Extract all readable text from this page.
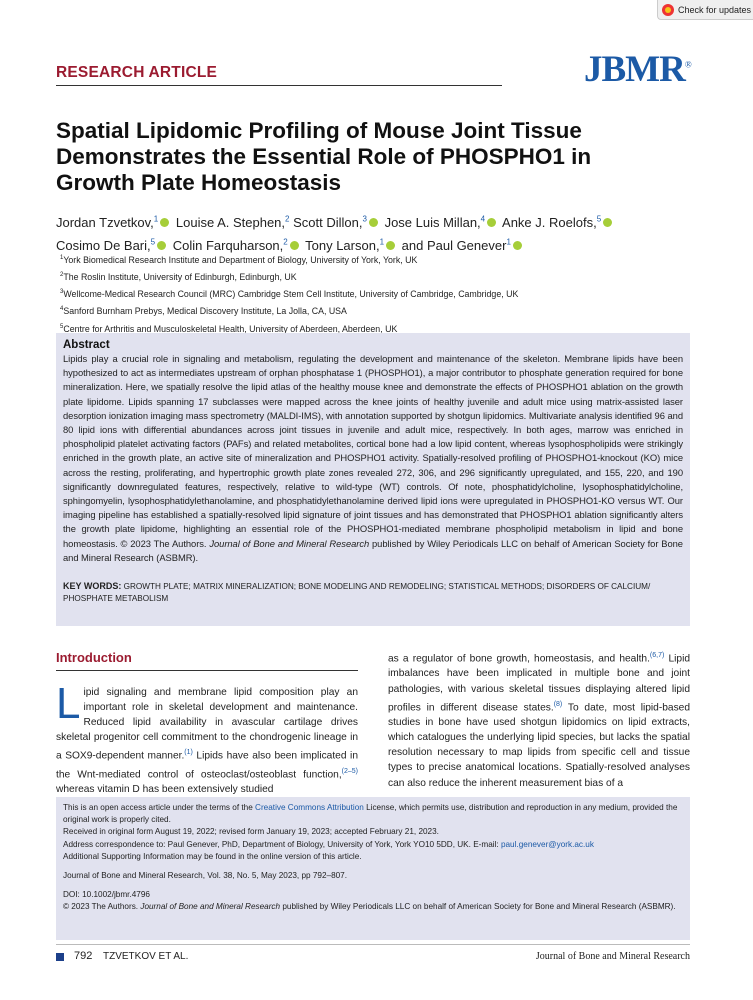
Check for updates
RESEARCH ARTICLE	JBMR®
Spatial Lipidomic Profiling of Mouse Joint Tissue Demonstrates the Essential Role of PHOSPHO1 in Growth Plate Homeostasis
Jordan Tzvetkov,$^1$ Louise A. Stephen,$^2$ Scott Dillon,$^3$ Jose Luis Millan,$^4$ Anke J. Roelofs,$^5$
Cosimo De Bari,$^5$ Colin Farquharson,$^2$ Tony Larson,$^1$ and Paul Genever$^1$
$^1$York Biomedical Research Institute and Department of Biology, University of York, York, UK
$^2$The Roslin Institute, University of Edinburgh, Edinburgh, UK
$^3$Wellcome-Medical Research Council (MRC) Cambridge Stem Cell Institute, University of Cambridge, Cambridge, UK
$^4$Sanford Burnham Prebys, Medical Discovery Institute, La Jolla, CA, USA
$^5$Centre for Arthritis and Musculoskeletal Health, University of Aberdeen, Aberdeen, UK
Abstract

Lipids play a crucial role in signaling and metabolism, regulating the development and maintenance of the skeleton. Membrane lipids have been hypothesized to act as intermediates upstream of orphan phosphatase 1 (PHOSPHO1), a major contributor to phosphate generation required for bone mineralization. Here, we spatially resolve the lipid atlas of the healthy mouse knee and demonstrate the effects of PHOSPHO1 ablation on the growth plate lipidome. Lipids spanning 17 subclasses were mapped across the knee joints of healthy juvenile and adult mice using matrix-assisted laser desorption ionization imaging mass spectrometry (MALDI-IMS), with annotation supported by shotgun lipidomics. Multivariate analysis identified 96 and 80 lipid ions with differential abundances across joint tissues in juvenile and adult mice, respectively. In both ages, marrow was enriched in phospholipid platelet activating factors (PAFs) and related metabolites, cortical bone had a low lipid content, whereas lysophospholipids were strikingly enriched in the growth plate, an active site of mineralization and PHOSPHO1 activity. Spatially-resolved profiling of PHOSPHO1-knockout (KO) mice across the resting, proliferating, and hypertrophic growth plate zones revealed 272, 306, and 296 significantly upregulated, and 155, 220, and 190 significantly downregulated features, respectively, relative to wild-type (WT) controls. Of note, phosphatidylcholine, lysophosphatidylcholine, sphingomyelin, lysophosphatidylethanolamine, and phosphatidylethanolamine derived lipid ions were upregulated in PHOSPHO1-KO versus WT. Our imaging pipeline has established a spatially-resolved lipid signature of joint tissues and has demonstrated that PHOSPHO1 ablation significantly alters the growth plate lipidome, highlighting an essential role of the PHOSPHO1-mediated membrane phospholipid metabolism in lipid and bone homeostasis. © 2023 The Authors. Journal of Bone and Mineral Research published by Wiley Periodicals LLC on behalf of American Society for Bone and Mineral Research (ASBMR).

KEY WORDS: GROWTH PLATE; MATRIX MINERALIZATION; BONE MODELING AND REMODELING; STATISTICAL METHODS; DISORDERS OF CALCIUM/ PHOSPHATE METABOLISM
Introduction

Lipid signaling and membrane lipid composition play an important role in skeletal development and maintenance. Reduced lipid availability in avascular cartilage drives skeletal progenitor cell commitment to the chondrogenic lineage in a SOX9-dependent manner.$^{(1)}$ Lipids have also been implicated in the Wnt-mediated control of osteoclast/osteoblast function,$^{(2-5)}$ whereas vitamin D has been extensively studied

as a regulator of bone growth, homeostasis, and health.$^{(6,7)}$ Lipid imbalances have been implicated in multiple bone and joint pathologies, with various skeletal tissues displaying altered lipid profiles in different disease states.$^{(8)}$ To date, most lipid-based studies in bone have used shotgun lipidomics on lipid extracts, which catalogues the underlying lipid species, but lacks the spatial resolution necessary to map lipids from specific cell and tissue types to precise anatomical locations. Spatially-resolved analyses can also reduce the inherent measurement bias of a

This is an open access article under the terms of the Creative Commons Attribution License, which permits use, distribution and reproduction in any medium, provided the original work is properly cited.
Received in original form August 19, 2022; revised form January 19, 2023; accepted February 21, 2023.
Address correspondence to: Paul Genever, PhD, Department of Biology, University of York, York YO10 5DD, UK. E-mail: paul.genever@york.ac.uk
Additional Supporting Information may be found in the online version of this article.
Journal of Bone and Mineral Research, Vol. 38, No. 5, May 2023, pp 792–807.
DOI: 10.1002/jbmr.4796
© 2023 The Authors. Journal of Bone and Mineral Research published by Wiley Periodicals LLC on behalf of American Society for Bone and Mineral Research (ASBMR).
792 TZVETKOV ET AL.	Journal of Bone and Mineral Research
